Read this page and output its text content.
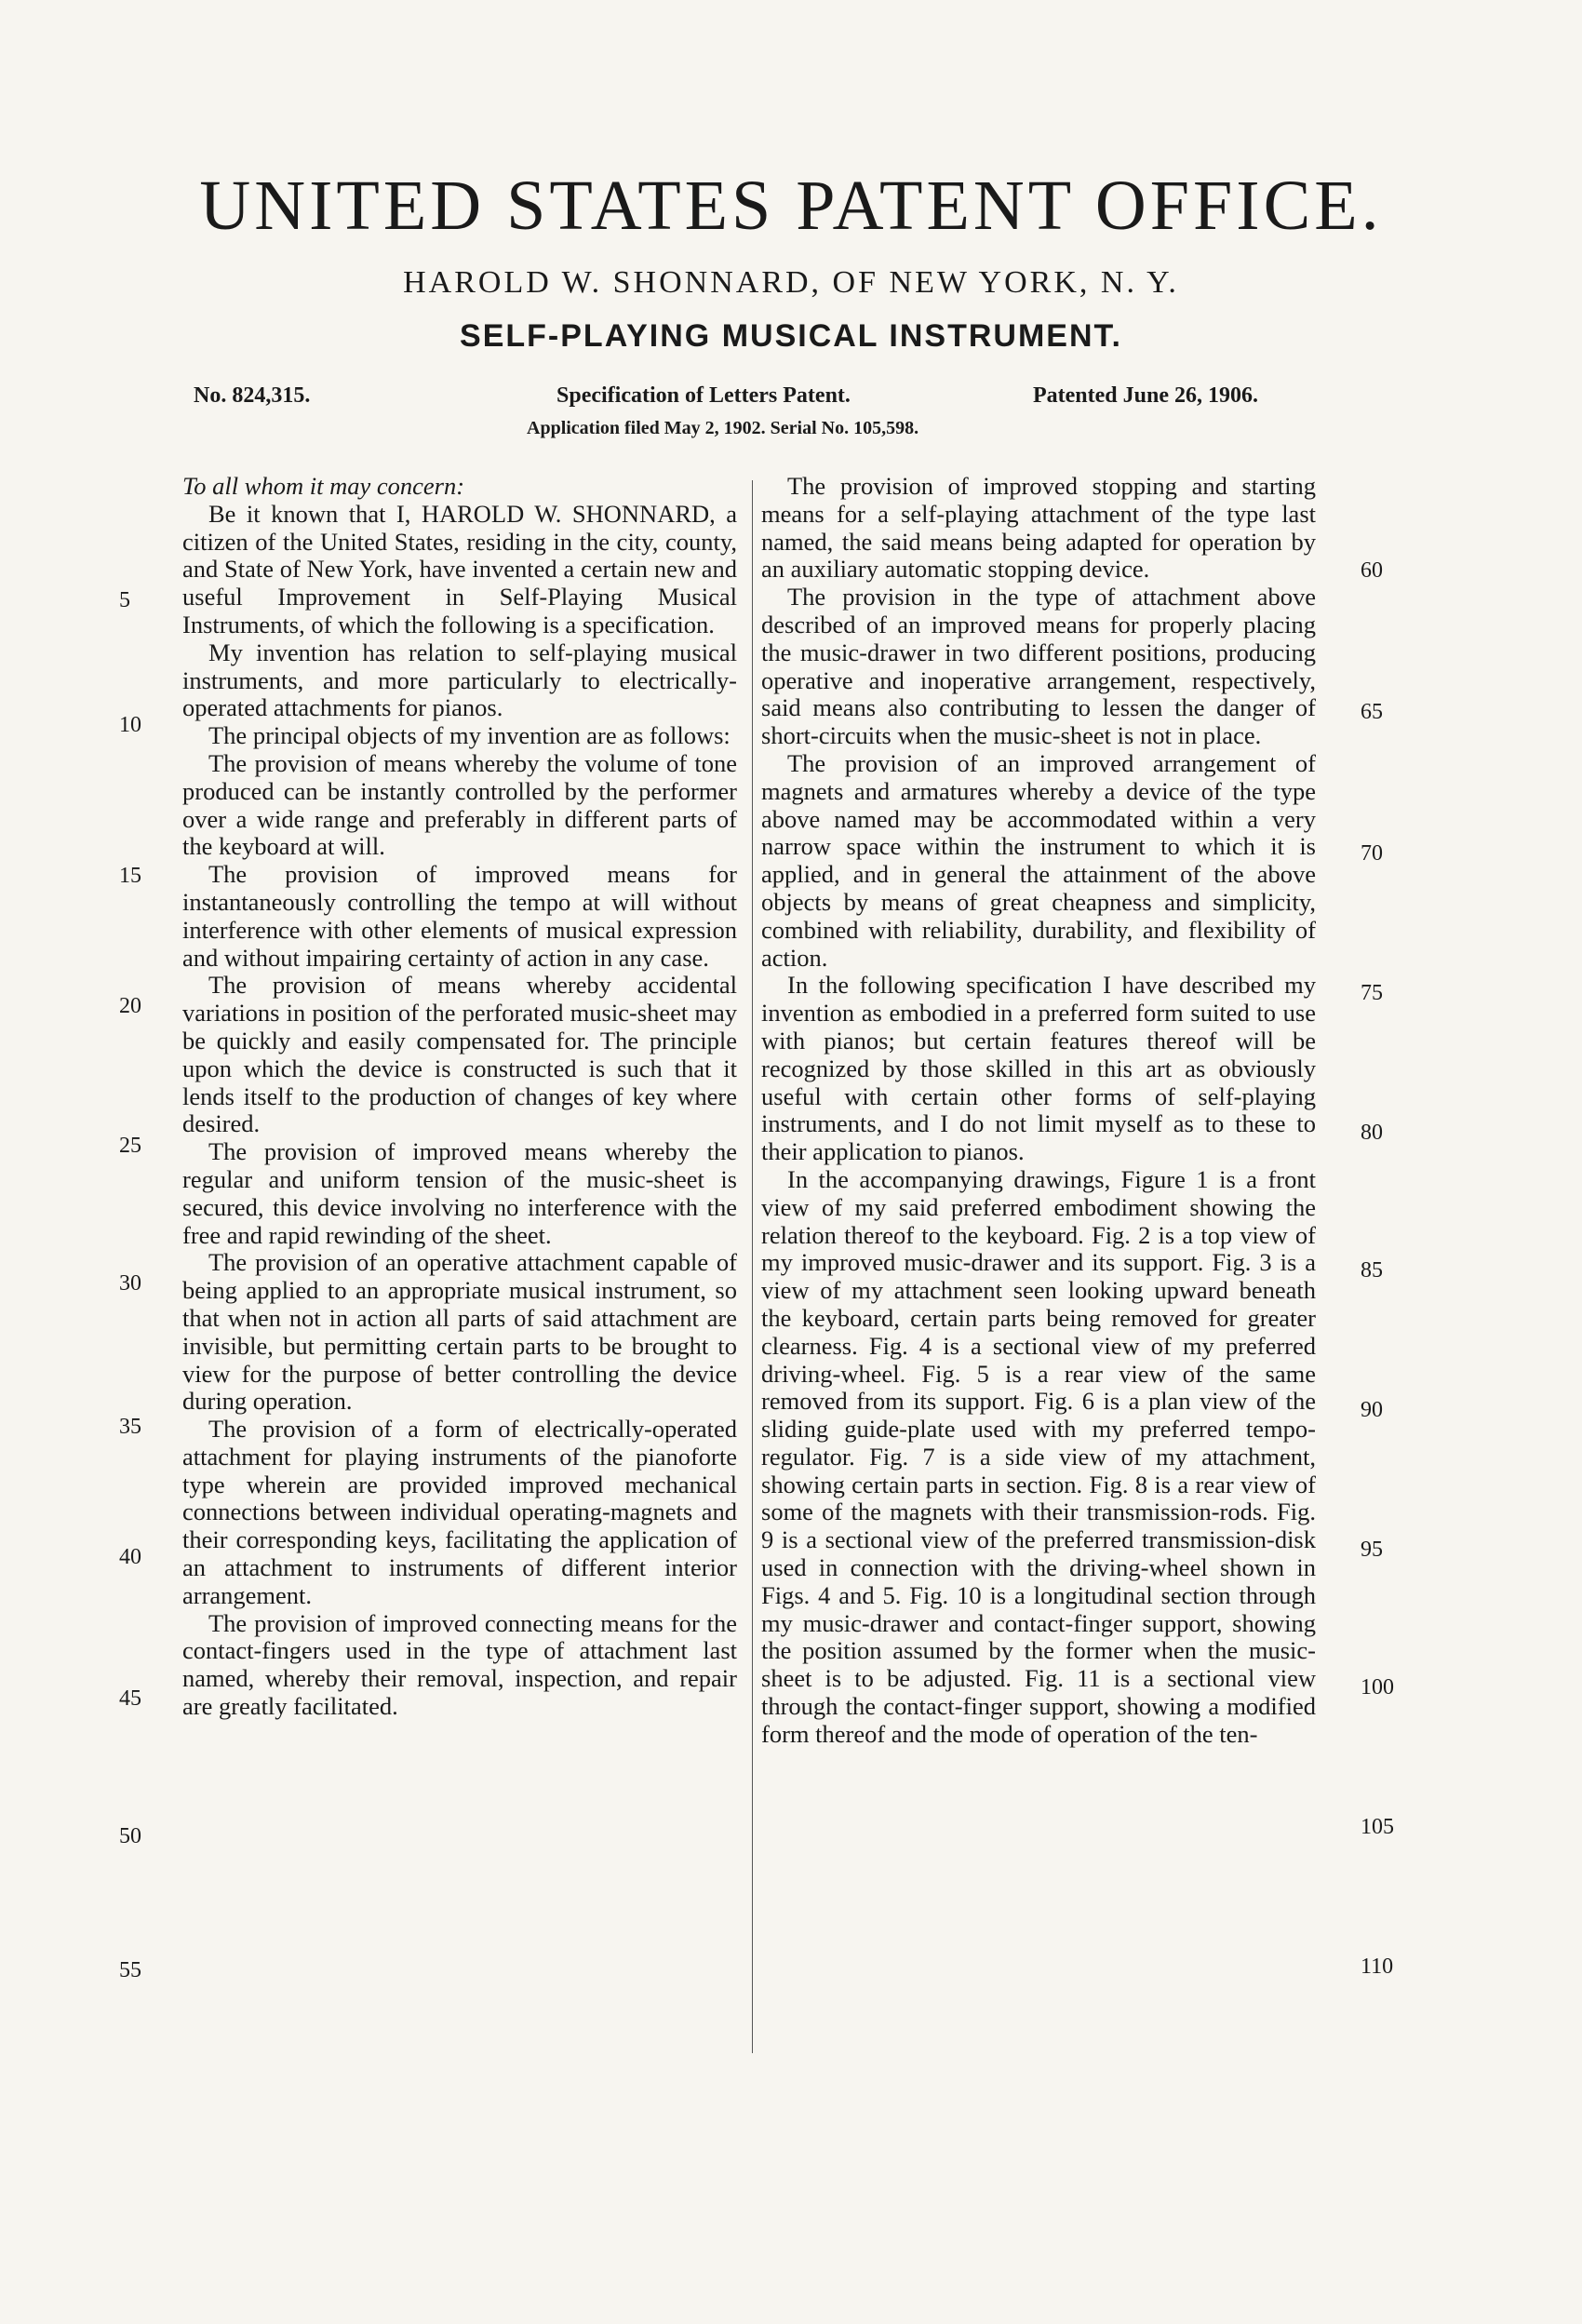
UNITED STATES PATENT OFFICE.
HAROLD W. SHONNARD, OF NEW YORK, N. Y.
SELF-PLAYING MUSICAL INSTRUMENT.
No. 824,315.	Specification of Letters Patent.	Patented June 26, 1906.
Application filed May 2, 1902. Serial No. 105,598.

To all whom it may concern:

Be it known that I, HAROLD W. SHONNARD, a citizen of the United States, residing in the city, county, and State of New York, have invented a certain new and useful Improvement in Self-Playing Musical Instruments, of which the following is a specification.

My invention has relation to self-playing musical instruments, and more particularly to electrically-operated attachments for pianos.

The principal objects of my invention are as follows:

The provision of means whereby the volume of tone produced can be instantly controlled by the performer over a wide range and preferably in different parts of the keyboard at will.

The provision of improved means for instantaneously controlling the tempo at will without interference with other elements of musical expression and without impairing certainty of action in any case.

The provision of means whereby accidental variations in position of the perforated music-sheet may be quickly and easily compensated for. The principle upon which the device is constructed is such that it lends itself to the production of changes of key where desired.

The provision of improved means whereby the regular and uniform tension of the music-sheet is secured, this device involving no interference with the free and rapid rewinding of the sheet.

The provision of an operative attachment capable of being applied to an appropriate musical instrument, so that when not in action all parts of said attachment are invisible, but permitting certain parts to be brought to view for the purpose of better controlling the device during operation.

The provision of a form of electrically-operated attachment for playing instruments of the pianoforte type wherein are provided improved mechanical connections between individual operating-magnets and their corresponding keys, facilitating the application of an attachment to instruments of different interior arrangement.

The provision of improved connecting means for the contact-fingers used in the type of attachment last named, whereby their removal, inspection, and repair are greatly facilitated.

The provision of improved stopping and starting means for a self-playing attachment of the type last named, the said means being adapted for operation by an auxiliary automatic stopping device.

The provision in the type of attachment above described of an improved means for properly placing the music-drawer in two different positions, producing operative and inoperative arrangement, respectively, said means also contributing to lessen the danger of short-circuits when the music-sheet is not in place.

The provision of an improved arrangement of magnets and armatures whereby a device of the type above named may be accommodated within a very narrow space within the instrument to which it is applied, and in general the attainment of the above objects by means of great cheapness and simplicity, combined with reliability, durability, and flexibility of action.

In the following specification I have described my invention as embodied in a preferred form suited to use with pianos; but certain features thereof will be recognized by those skilled in this art as obviously useful with certain other forms of self-playing instruments, and I do not limit myself as to these to their application to pianos.

In the accompanying drawings, Figure 1 is a front view of my said preferred embodiment showing the relation thereof to the keyboard. Fig. 2 is a top view of my improved music-drawer and its support. Fig. 3 is a view of my attachment seen looking upward beneath the keyboard, certain parts being removed for greater clearness. Fig. 4 is a sectional view of my preferred driving-wheel. Fig. 5 is a rear view of the same removed from its support. Fig. 6 is a plan view of the sliding guide-plate used with my preferred tempo-regulator. Fig. 7 is a side view of my attachment, showing certain parts in section. Fig. 8 is a rear view of some of the magnets with their transmission-rods. Fig. 9 is a sectional view of the preferred transmission-disk used in connection with the driving-wheel shown in Figs. 4 and 5. Fig. 10 is a longitudinal section through my music-drawer and contact-finger support, showing the position assumed by the former when the music-sheet is to be adjusted. Fig. 11 is a sectional view through the contact-finger support, showing a modified form thereof and the mode of operation of the ten-

5
10
15
20
25
30
35
40
45
50
55
60
65
70
75
80
85
90
95
100
105
110
